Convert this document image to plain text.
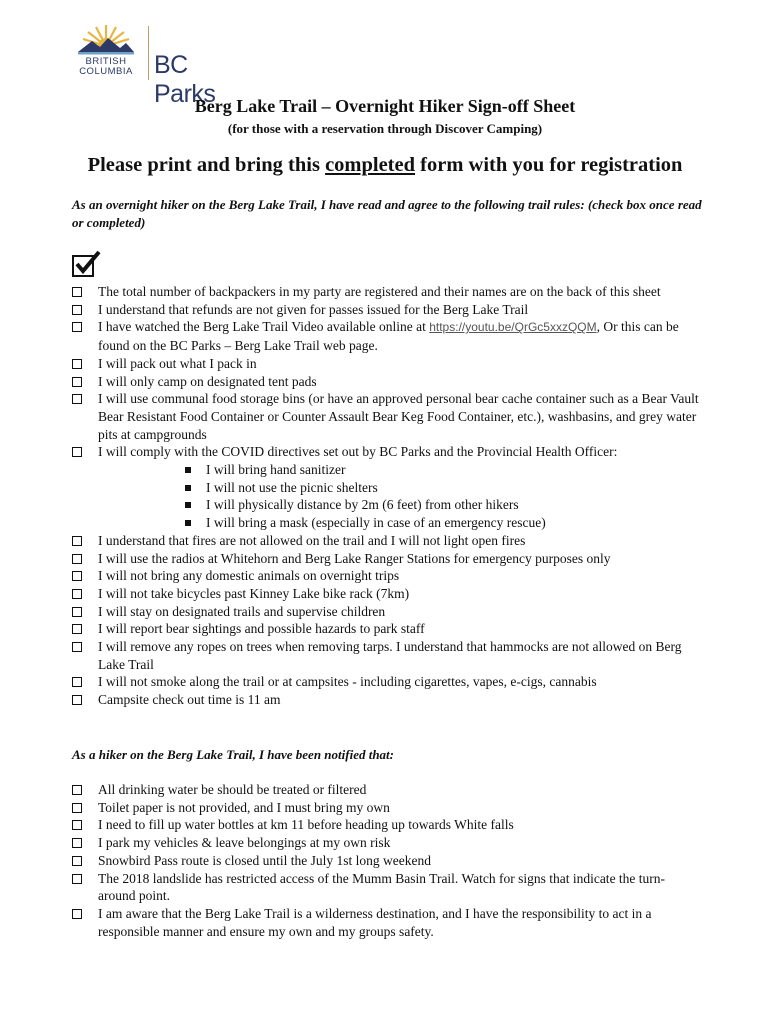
BRITISH
COLUMBIA BC Parks
Berg Lake Trail – Overnight Hiker Sign-off Sheet
(for those with a reservation through Discover Camping)
Please print and bring this completed form with you for registration
As an overnight hiker on the Berg Lake Trail, I have read and agree to the following trail rules: (check box once read or completed)
The total number of backpackers in my party are registered and their names are on the back of this sheet
I understand that refunds are not given for passes issued for the Berg Lake Trail
I have watched the Berg Lake Trail Video available online at https://youtu.be/QrGc5xxzQQM, Or this can be found on the BC Parks – Berg Lake Trail web page.
I will pack out what I pack in
I will only camp on designated tent pads
I will use communal food storage bins (or have an approved personal bear cache container such as a Bear Vault Bear Resistant Food Container or Counter Assault Bear Keg Food Container, etc.), washbasins, and grey water pits at campgrounds
I will comply with the COVID directives set out by BC Parks and the Provincial Health Officer:
I will bring hand sanitizer
I will not use the picnic shelters
I will physically distance by 2m (6 feet) from other hikers
I will bring a mask (especially in case of an emergency rescue)
I understand that fires are not allowed on the trail and I will not light open fires
I will use the radios at Whitehorn and Berg Lake Ranger Stations for emergency purposes only
I will not bring any domestic animals on overnight trips
I will not take bicycles past Kinney Lake bike rack (7km)
I will stay on designated trails and supervise children
I will report bear sightings and possible hazards to park staff
I will remove any ropes on trees when removing tarps. I understand that hammocks are not allowed on Berg Lake Trail
I will not smoke along the trail or at campsites - including cigarettes, vapes, e-cigs, cannabis
Campsite check out time is 11 am
As a hiker on the Berg Lake Trail, I have been notified that:
All drinking water be should be treated or filtered
Toilet paper is not provided, and I must bring my own
I need to fill up water bottles at km 11 before heading up towards White falls
I park my vehicles & leave belongings at my own risk
Snowbird Pass route is closed until the July 1st long weekend
The 2018 landslide has restricted access of the Mumm Basin Trail. Watch for signs that indicate the turn-around point.
I am aware that the Berg Lake Trail is a wilderness destination, and I have the responsibility to act in a responsible manner and ensure my own and my groups safety.
